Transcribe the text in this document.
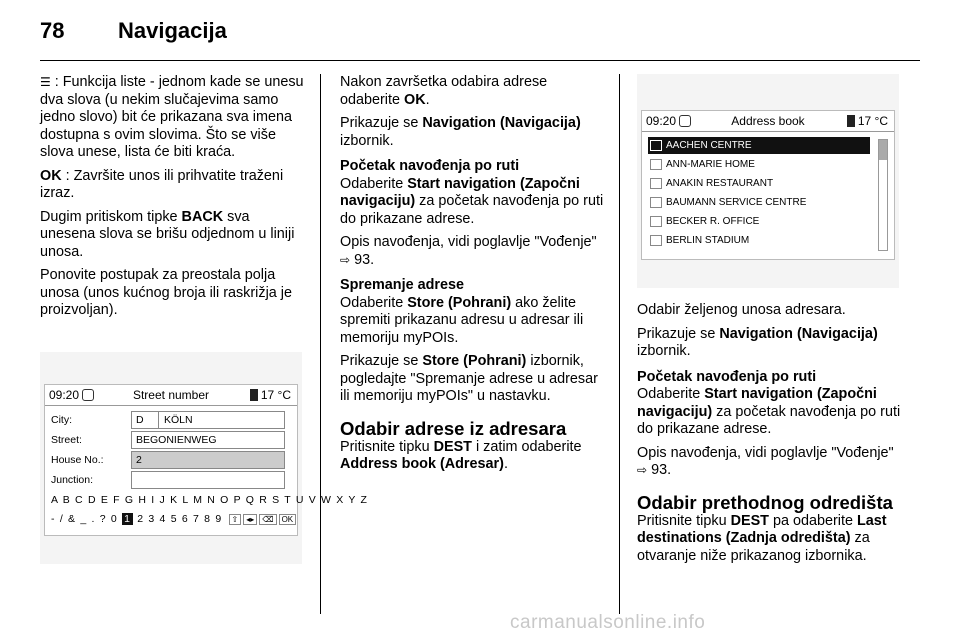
78 Navigacija

☰ : Funkcija liste - jednom kade se unesu dva slova (u nekim slučajevima samo jedno slovo) bit će prikazana sva imena dostupna s ovim slovima. Što se više slova unese, lista će biti kraća.

OK : Završite unos ili prihvatite traženi izraz.

Dugim pritiskom tipke BACK sva unesena slova se brišu odjednom u liniji unosa.

Ponovite postupak za preostala polja unosa (unos kućnog broja ili raskrižja je proizvoljan).

09:20	Street number	17 °C
City:	D KÖLN
Street:	BEGONIENWEG
House No.:	2
Junction:
A B C D E F G H I J K L M N O P Q R S T U V W X Y Z
- / & _ . ? 0 1 2 3 4 5 6 7 8 9 ⇧ ◂▸ ⌫ OK

Nakon završetka odabira adrese odaberite OK.

Prikazuje se Navigation (Navigacija) izbornik.

Početak navođenja po ruti

Odaberite Start navigation (Započni navigaciju) za početak navođenja po ruti do prikazane adrese.

Opis navođenja, vidi poglavlje "Vođenje" ⇨ 93.

Spremanje adrese

Odaberite Store (Pohrani) ako želite spremiti prikazanu adresu u adresar ili memoriju myPOIs.

Prikazuje se Store (Pohrani) izbornik, pogledajte "Spremanje adrese u adresar ili memoriju myPOIs" u nastavku.

Odabir adrese iz adresara

Pritisnite tipku DEST i zatim odaberite Address book (Adresar).

09:20	Address book	17 °C
AACHEN CENTRE
ANN-MARIE HOME
ANAKIN RESTAURANT
BAUMANN SERVICE CENTRE
BECKER R. OFFICE
BERLIN STADIUM

Odabir željenog unosa adresara.

Prikazuje se Navigation (Navigacija) izbornik.

Početak navođenja po ruti

Odaberite Start navigation (Započni navigaciju) za početak navođenja po ruti do prikazane adrese.

Opis navođenja, vidi poglavlje "Vođenje" ⇨ 93.

Odabir prethodnog odredišta

Pritisnite tipku DEST pa odaberite Last destinations (Zadnja odredišta) za otvaranje niže prikazanog izbornika.

carmanualsonline.info
